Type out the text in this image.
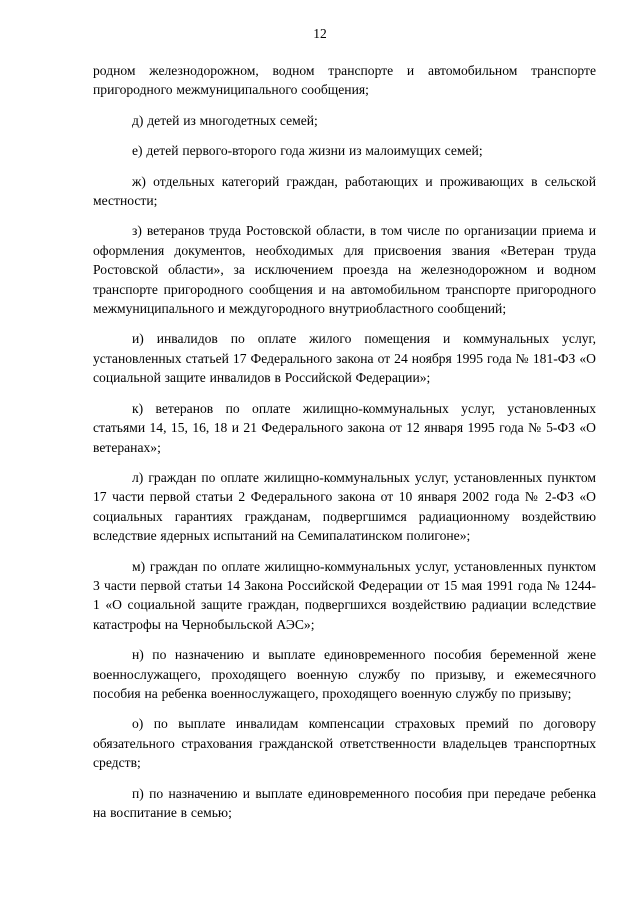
12

родном железнодорожном, водном транспорте и автомобильном транспорте пригородного межмуниципального сообщения;

д) детей из многодетных семей;

е) детей первого-второго года жизни из малоимущих семей;

ж) отдельных категорий граждан, работающих и проживающих в сельской местности;

з) ветеранов труда Ростовской области, в том числе по организации приема и оформления документов, необходимых для присвоения звания «Ветеран труда Ростовской области», за исключением проезда на железнодорожном и водном транспорте пригородного сообщения и на автомобильном транспорте пригородного межмуниципального и междугородного внутриобластного сообщений;

и) инвалидов по оплате жилого помещения и коммунальных услуг, установленных статьей 17 Федерального закона от 24 ноября 1995 года № 181-ФЗ «О социальной защите инвалидов в Российской Федерации»;

к) ветеранов по оплате жилищно-коммунальных услуг, установленных статьями 14, 15, 16, 18 и 21 Федерального закона от 12 января 1995 года № 5-ФЗ «О ветеранах»;

л) граждан по оплате жилищно-коммунальных услуг, установленных пунктом 17 части первой статьи 2 Федерального закона от 10 января 2002 года № 2-ФЗ «О социальных гарантиях гражданам, подвергшимся радиационному воздействию вследствие ядерных испытаний на Семипалатинском полигоне»;

м) граждан по оплате жилищно-коммунальных услуг, установленных пунктом 3 части первой статьи 14 Закона Российской Федерации от 15 мая 1991 года № 1244-1 «О социальной защите граждан, подвергшихся воздействию радиации вследствие катастрофы на Чернобыльской АЭС»;

н) по назначению и выплате единовременного пособия беременной жене военнослужащего, проходящего военную службу по призыву, и ежемесячного пособия на ребенка военнослужащего, проходящего военную службу по призыву;

о) по выплате инвалидам компенсации страховых премий по договору обязательного страхования гражданской ответственности владельцев транспортных средств;

п) по назначению и выплате единовременного пособия при передаче ребенка на воспитание в семью;
